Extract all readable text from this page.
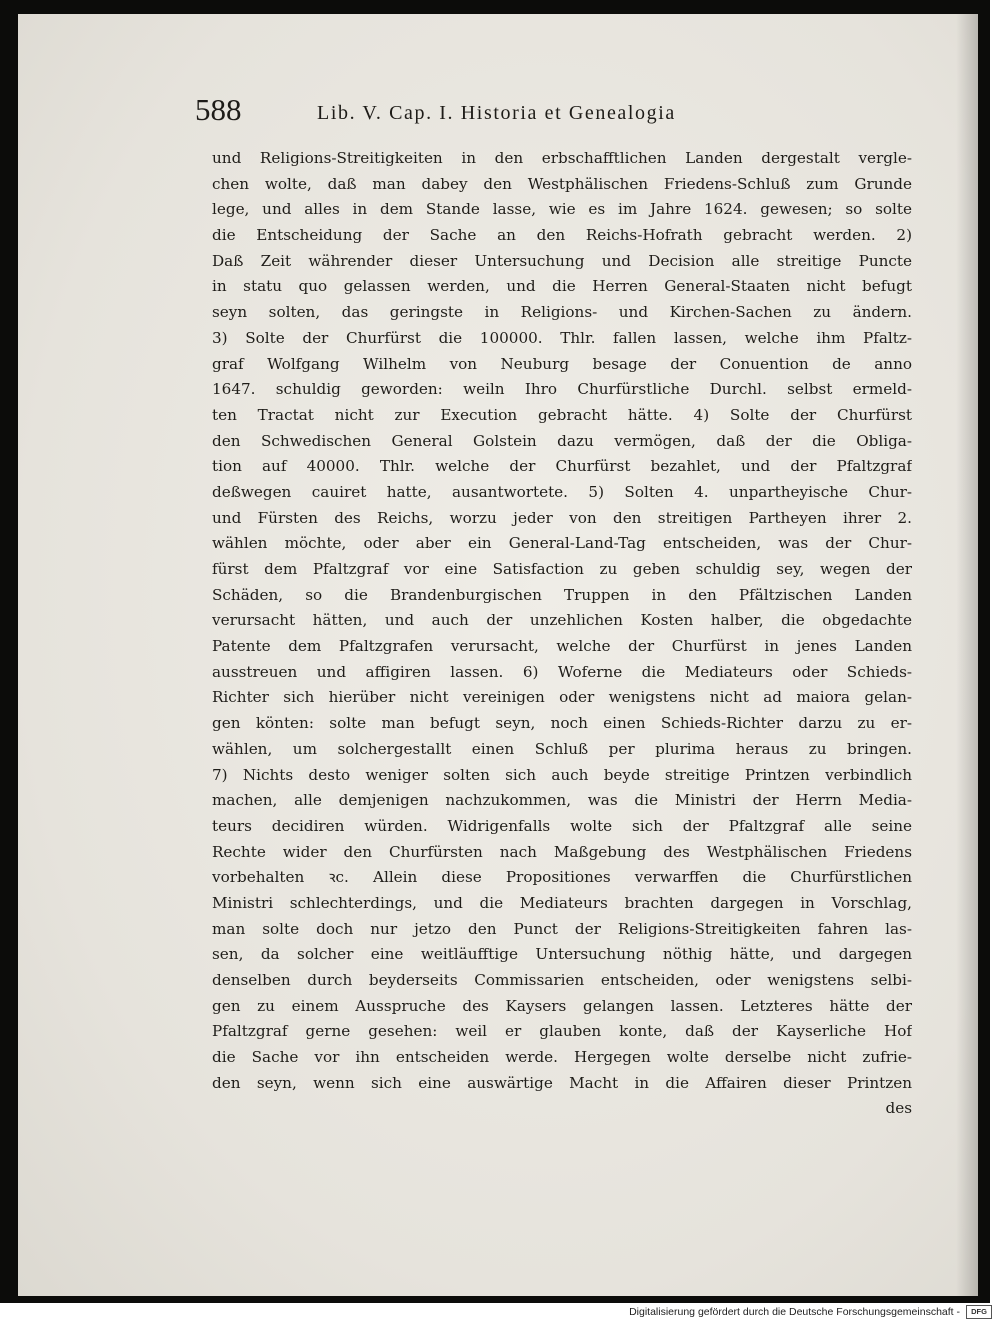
588	Lib. V. Cap. I. Historia et Genealogia
und Religions-Streitigkeiten in den erbschafftlichen Landen dergestalt vergle-
chen wolte, daß man dabey den Westphälischen Friedens-Schluß zum Grunde
lege, und alles in dem Stande lasse, wie es im Jahre 1624. gewesen; so solte
die Entscheidung der Sache an den Reichs-Hofrath gebracht werden. 2)
Daß Zeit währender dieser Untersuchung und Decision alle streitige Puncte
in statu quo gelassen werden, und die Herren General-Staaten nicht befugt
seyn solten, das geringste in Religions- und Kirchen-Sachen zu ändern.
3) Solte der Churfürst die 100000. Thlr. fallen lassen, welche ihm Pfaltz-
graf Wolfgang Wilhelm von Neuburg besage der Conuention de anno
1647. schuldig geworden: weiln Ihro Churfürstliche Durchl. selbst ermeld-
ten Tractat nicht zur Execution gebracht hätte. 4) Solte der Churfürst
den Schwedischen General Golstein dazu vermögen, daß der die Obliga-
tion auf 40000. Thlr. welche der Churfürst bezahlet, und der Pfaltzgraf
deßwegen cauiret hatte, ausantwortete. 5) Solten 4. unpartheyische Chur-
und Fürsten des Reichs, worzu jeder von den streitigen Partheyen ihrer 2.
wählen möchte, oder aber ein General-Land-Tag entscheiden, was der Chur-
fürst dem Pfaltzgraf vor eine Satisfaction zu geben schuldig sey, wegen der
Schäden, so die Brandenburgischen Truppen in den Pfältzischen Landen
verursacht hätten, und auch der unzehlichen Kosten halber, die obgedachte
Patente dem Pfaltzgrafen verursacht, welche der Churfürst in jenes Landen
ausstreuen und affigiren lassen. 6) Woferne die Mediateurs oder Schieds-
Richter sich hierüber nicht vereinigen oder wenigstens nicht ad maiora gelan-
gen könten: solte man befugt seyn, noch einen Schieds-Richter darzu zu er-
wählen, um solchergestallt einen Schluß per plurima heraus zu bringen.
7) Nichts desto weniger solten sich auch beyde streitige Printzen verbindlich
machen, alle demjenigen nachzukommen, was die Ministri der Herrn Media-
teurs decidiren würden. Widrigenfalls wolte sich der Pfaltzgraf alle seine
Rechte wider den Churfürsten nach Maßgebung des Westphälischen Friedens
vorbehalten ꝛc. Allein diese Propositiones verwarffen die Churfürstlichen
Ministri schlechterdings, und die Mediateurs brachten dargegen in Vorschlag,
man solte doch nur jetzo den Punct der Religions-Streitigkeiten fahren las-
sen, da solcher eine weitläufftige Untersuchung nöthig hätte, und dargegen
denselben durch beyderseits Commissarien entscheiden, oder wenigstens selbi-
gen zu einem Ausspruche des Kaysers gelangen lassen. Letzteres hätte der
Pfaltzgraf gerne gesehen: weil er glauben konte, daß der Kayserliche Hof
die Sache vor ihn entscheiden werde. Hergegen wolte derselbe nicht zufrie-
den seyn, wenn sich eine auswärtige Macht in die Affairen dieser Printzen
des
Digitalisierung gefördert durch die Deutsche Forschungsgemeinschaft -	DFG
